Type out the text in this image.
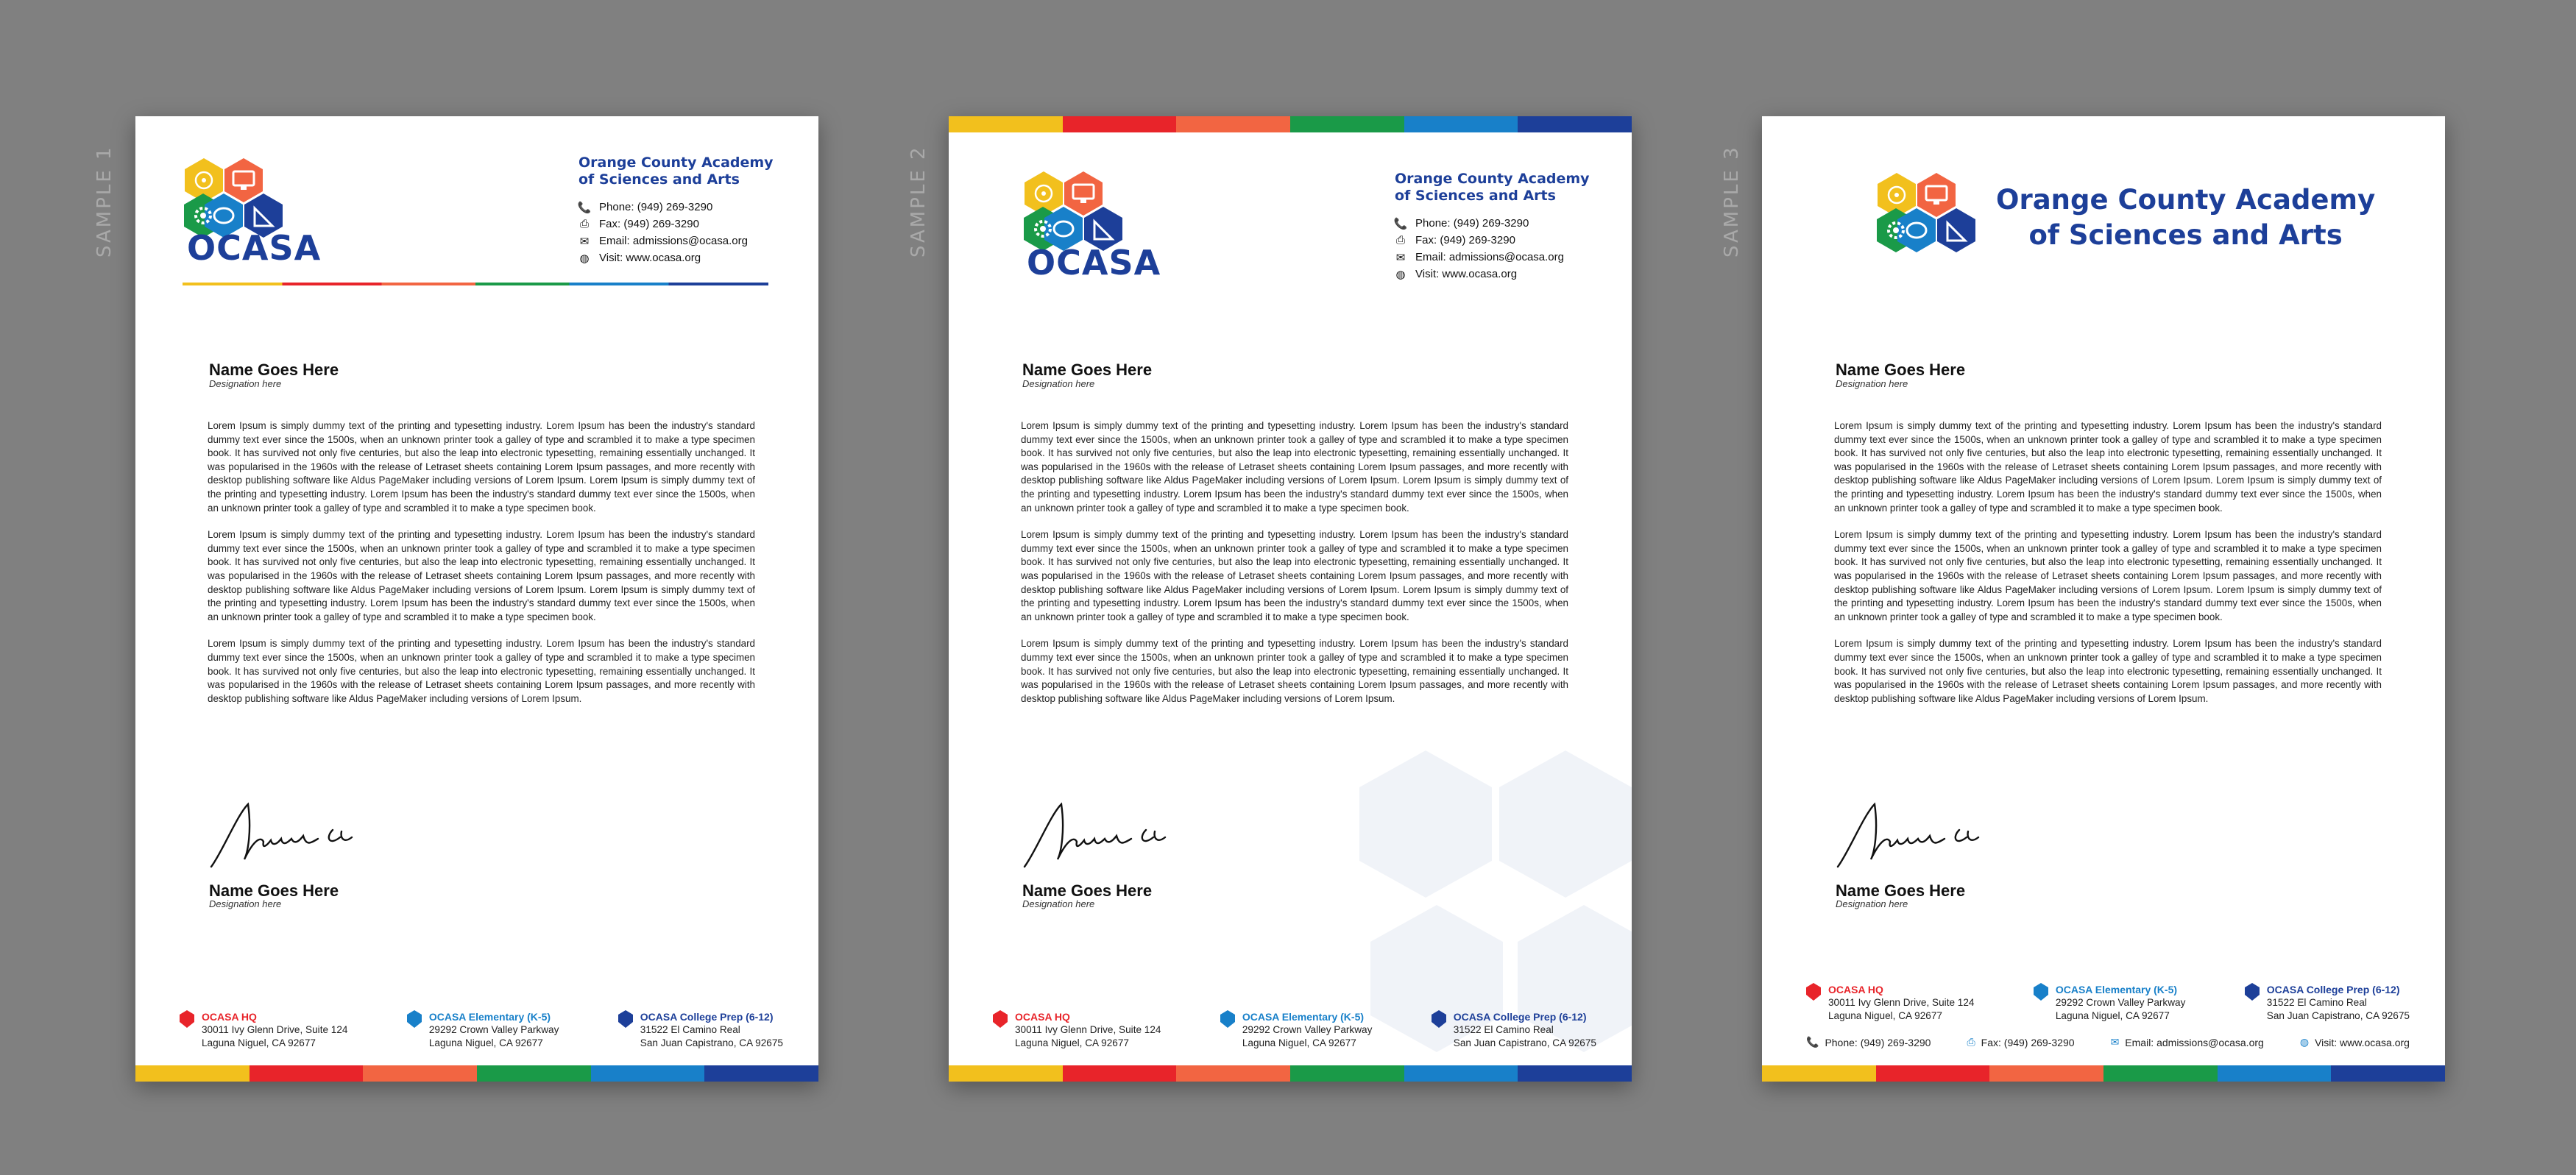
SAMPLE 1	SAMPLE 2	SAMPLE 3
OCASA
Orange County Academy
of Sciences and Arts
📞 Phone: (949) 269-3290
⎙ Fax: (949) 269-3290
✉ Email: admissions@ocasa.org
◍ Visit: www.ocasa.org
Name Goes Here
Designation here

Lorem Ipsum is simply dummy text of the printing and typesetting industry. Lorem Ipsum has been the industry's standard dummy text ever since the 1500s, when an unknown printer took a galley of type and scrambled it to make a type specimen book. It has survived not only five centuries, but also the leap into electronic typesetting, remaining essentially unchanged. It was popularised in the 1960s with the release of Letraset sheets containing Lorem Ipsum passages, and more recently with desktop publishing software like Aldus PageMaker including versions of Lorem Ipsum. Lorem Ipsum is simply dummy text of the printing and typesetting industry. Lorem Ipsum has been the industry's standard dummy text ever since the 1500s, when an unknown printer took a galley of type and scrambled it to make a type specimen book.

Lorem Ipsum is simply dummy text of the printing and typesetting industry. Lorem Ipsum has been the industry's standard dummy text ever since the 1500s, when an unknown printer took a galley of type and scrambled it to make a type specimen book. It has survived not only five centuries, but also the leap into electronic typesetting, remaining essentially unchanged. It was popularised in the 1960s with the release of Letraset sheets containing Lorem Ipsum passages, and more recently with desktop publishing software like Aldus PageMaker including versions of Lorem Ipsum. Lorem Ipsum is simply dummy text of the printing and typesetting industry. Lorem Ipsum has been the industry's standard dummy text ever since the 1500s, when an unknown printer took a galley of type and scrambled it to make a type specimen book.

Lorem Ipsum is simply dummy text of the printing and typesetting industry. Lorem Ipsum has been the industry's standard dummy text ever since the 1500s, when an unknown printer took a galley of type and scrambled it to make a type specimen book. It has survived not only five centuries, but also the leap into electronic typesetting, remaining essentially unchanged. It was popularised in the 1960s with the release of Letraset sheets containing Lorem Ipsum passages, and more recently with desktop publishing software like Aldus PageMaker including versions of Lorem Ipsum.

Name Goes Here
Designation here
OCASA HQ
30011 Ivy Glenn Drive, Suite 124
Laguna Niguel, CA 92677
OCASA Elementary (K-5)
29292 Crown Valley Parkway
Laguna Niguel, CA 92677
OCASA College Prep (6-12)
31522 El Camino Real
San Juan Capistrano, CA 92675
OCASA
Orange County Academy
of Sciences and Arts
📞 Phone: (949) 269-3290
⎙ Fax: (949) 269-3290
✉ Email: admissions@ocasa.org
◍ Visit: www.ocasa.org
Name Goes Here
Designation here

Lorem Ipsum is simply dummy text of the printing and typesetting industry. Lorem Ipsum has been the industry's standard dummy text ever since the 1500s, when an unknown printer took a galley of type and scrambled it to make a type specimen book. It has survived not only five centuries, but also the leap into electronic typesetting, remaining essentially unchanged. It was popularised in the 1960s with the release of Letraset sheets containing Lorem Ipsum passages, and more recently with desktop publishing software like Aldus PageMaker including versions of Lorem Ipsum. Lorem Ipsum is simply dummy text of the printing and typesetting industry. Lorem Ipsum has been the industry's standard dummy text ever since the 1500s, when an unknown printer took a galley of type and scrambled it to make a type specimen book.

Lorem Ipsum is simply dummy text of the printing and typesetting industry. Lorem Ipsum has been the industry's standard dummy text ever since the 1500s, when an unknown printer took a galley of type and scrambled it to make a type specimen book. It has survived not only five centuries, but also the leap into electronic typesetting, remaining essentially unchanged. It was popularised in the 1960s with the release of Letraset sheets containing Lorem Ipsum passages, and more recently with desktop publishing software like Aldus PageMaker including versions of Lorem Ipsum. Lorem Ipsum is simply dummy text of the printing and typesetting industry. Lorem Ipsum has been the industry's standard dummy text ever since the 1500s, when an unknown printer took a galley of type and scrambled it to make a type specimen book.

Lorem Ipsum is simply dummy text of the printing and typesetting industry. Lorem Ipsum has been the industry's standard dummy text ever since the 1500s, when an unknown printer took a galley of type and scrambled it to make a type specimen book. It has survived not only five centuries, but also the leap into electronic typesetting, remaining essentially unchanged. It was popularised in the 1960s with the release of Letraset sheets containing Lorem Ipsum passages, and more recently with desktop publishing software like Aldus PageMaker including versions of Lorem Ipsum.

Name Goes Here
Designation here
OCASA HQ
30011 Ivy Glenn Drive, Suite 124
Laguna Niguel, CA 92677
OCASA Elementary (K-5)
29292 Crown Valley Parkway
Laguna Niguel, CA 92677
OCASA College Prep (6-12)
31522 El Camino Real
San Juan Capistrano, CA 92675
Orange County Academy
of Sciences and Arts
Name Goes Here
Designation here

Lorem Ipsum is simply dummy text of the printing and typesetting industry. Lorem Ipsum has been the industry's standard dummy text ever since the 1500s, when an unknown printer took a galley of type and scrambled it to make a type specimen book. It has survived not only five centuries, but also the leap into electronic typesetting, remaining essentially unchanged. It was popularised in the 1960s with the release of Letraset sheets containing Lorem Ipsum passages, and more recently with desktop publishing software like Aldus PageMaker including versions of Lorem Ipsum. Lorem Ipsum is simply dummy text of the printing and typesetting industry. Lorem Ipsum has been the industry's standard dummy text ever since the 1500s, when an unknown printer took a galley of type and scrambled it to make a type specimen book.

Lorem Ipsum is simply dummy text of the printing and typesetting industry. Lorem Ipsum has been the industry's standard dummy text ever since the 1500s, when an unknown printer took a galley of type and scrambled it to make a type specimen book. It has survived not only five centuries, but also the leap into electronic typesetting, remaining essentially unchanged. It was popularised in the 1960s with the release of Letraset sheets containing Lorem Ipsum passages, and more recently with desktop publishing software like Aldus PageMaker including versions of Lorem Ipsum. Lorem Ipsum is simply dummy text of the printing and typesetting industry. Lorem Ipsum has been the industry's standard dummy text ever since the 1500s, when an unknown printer took a galley of type and scrambled it to make a type specimen book.

Lorem Ipsum is simply dummy text of the printing and typesetting industry. Lorem Ipsum has been the industry's standard dummy text ever since the 1500s, when an unknown printer took a galley of type and scrambled it to make a type specimen book. It has survived not only five centuries, but also the leap into electronic typesetting, remaining essentially unchanged. It was popularised in the 1960s with the release of Letraset sheets containing Lorem Ipsum passages, and more recently with desktop publishing software like Aldus PageMaker including versions of Lorem Ipsum.

Name Goes Here
Designation here
OCASA HQ
30011 Ivy Glenn Drive, Suite 124
Laguna Niguel, CA 92677
OCASA Elementary (K-5)
29292 Crown Valley Parkway
Laguna Niguel, CA 92677
OCASA College Prep (6-12)
31522 El Camino Real
San Juan Capistrano, CA 92675
📞 Phone: (949) 269-3290	⎙ Fax: (949) 269-3290	✉ Email: admissions@ocasa.org	◍ Visit: www.ocasa.org
